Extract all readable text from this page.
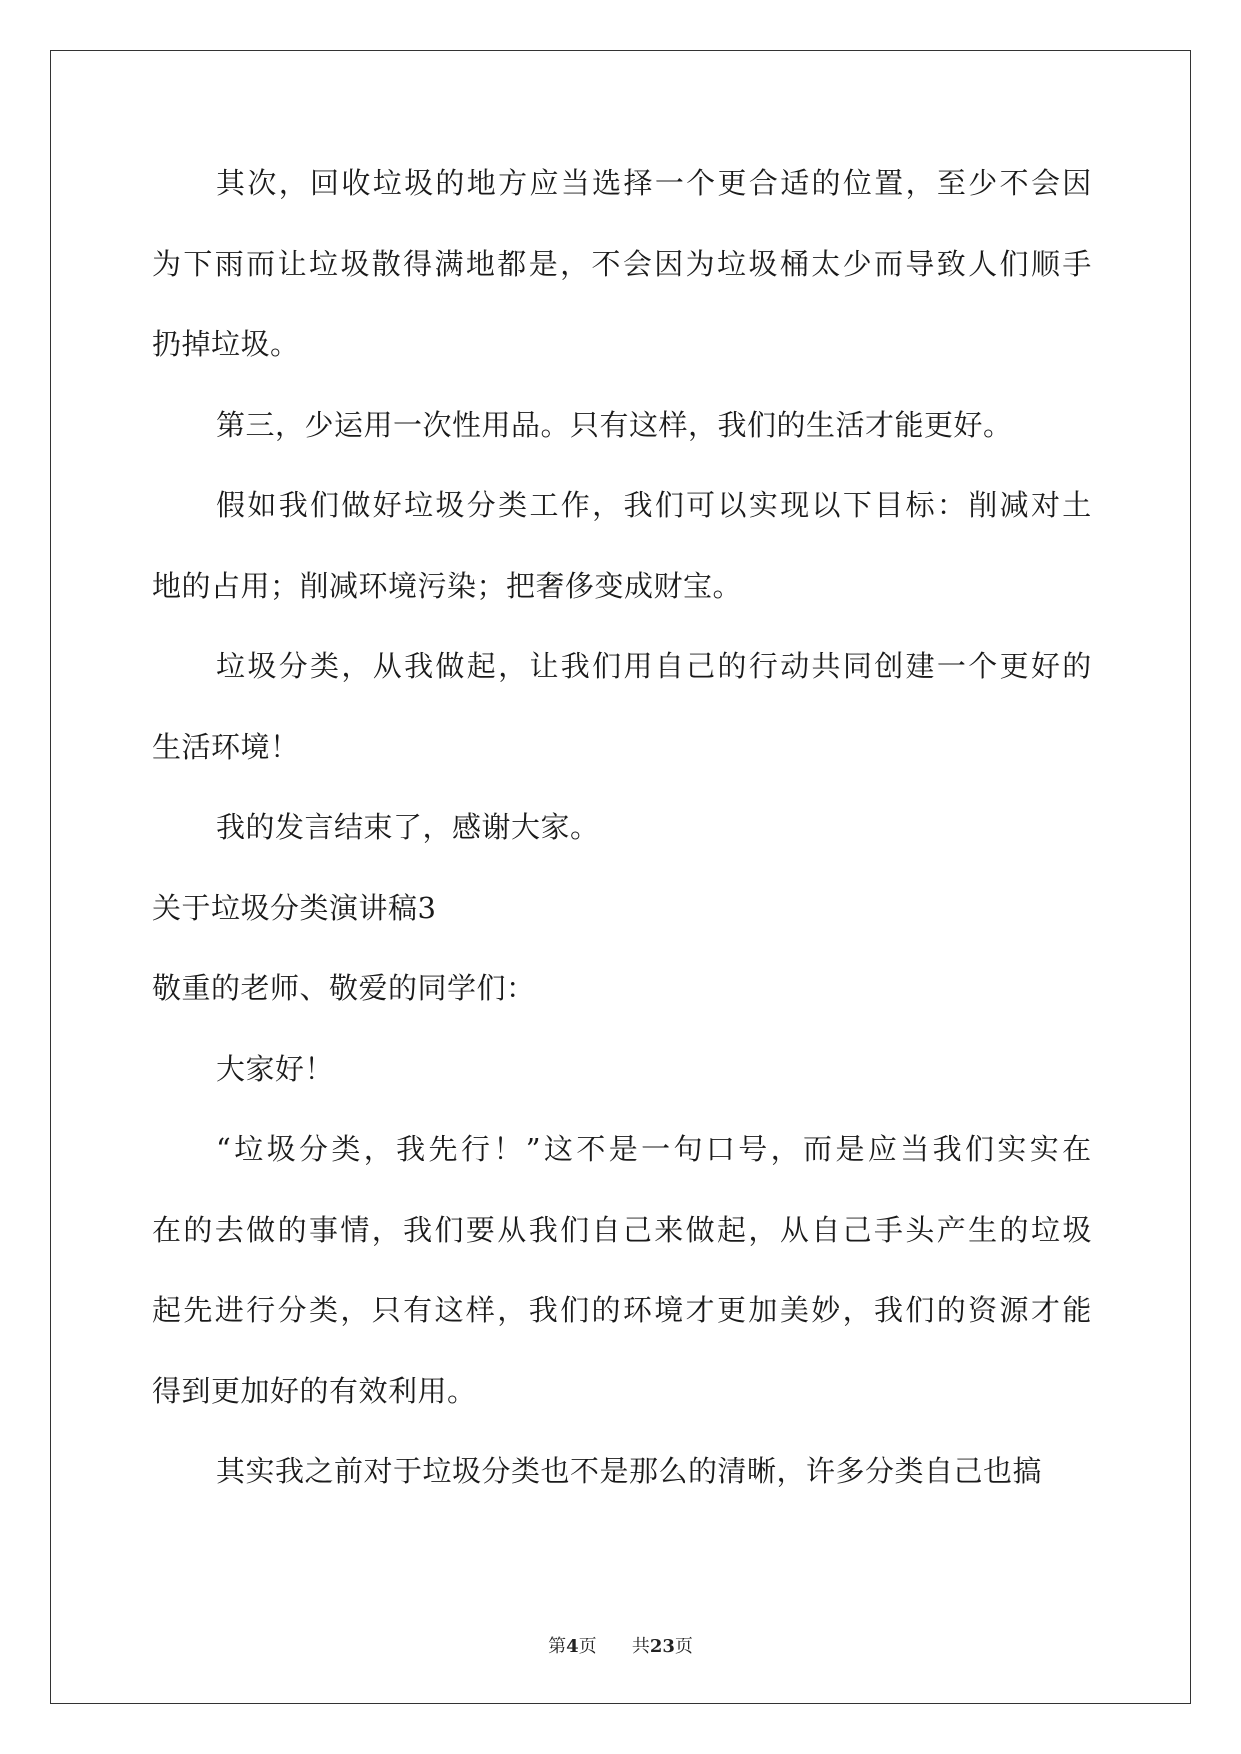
其 次 ， 回 收 垃 圾 的 地 方 应 当 选 择 一 个 更 合 适 的 位 置 ， 至 少 不 会 因
为 下 雨 而 让 垃 圾 散 得 满 地 都 是 ， 不 会 因 为 垃 圾 桶 太 少 而 导 致 人 们 顺 手
扔掉垃圾。
第三，少运用一次性用品。只有这样，我们的生活才能更好。
假 如 我 们 做 好 垃 圾 分 类 工 作 ， 我 们 可 以 实 现 以 下 目 标 ： 削 减 对 土
地的占用；削减环境污染；把奢侈变成财宝。
垃 圾 分 类 ， 从 我 做 起 ， 让 我 们 用 自 己 的 行 动 共 同 创 建 一 个 更 好 的
生活环境！
我的发言结束了，感谢大家。
关于垃圾分类演讲稿3
敬重的老师、敬爱的同学们：
大家好！
“ 垃 圾 分 类 ， 我 先 行 ！ ” 这 不 是 一 句 口 号 ， 而 是 应 当 我 们 实 实 在
在 的 去 做 的 事 情 ， 我 们 要 从 我 们 自 己 来 做 起 ， 从 自 己 手 头 产 生 的 垃 圾
起 先 进 行 分 类 ， 只 有 这 样 ， 我 们 的 环 境 才 更 加 美 妙 ， 我 们 的 资 源 才 能
得到更加好的有效利用。
其实我之前对于垃圾分类也不是那么的清晰，许多分类自己也搞
第4页 共23页
